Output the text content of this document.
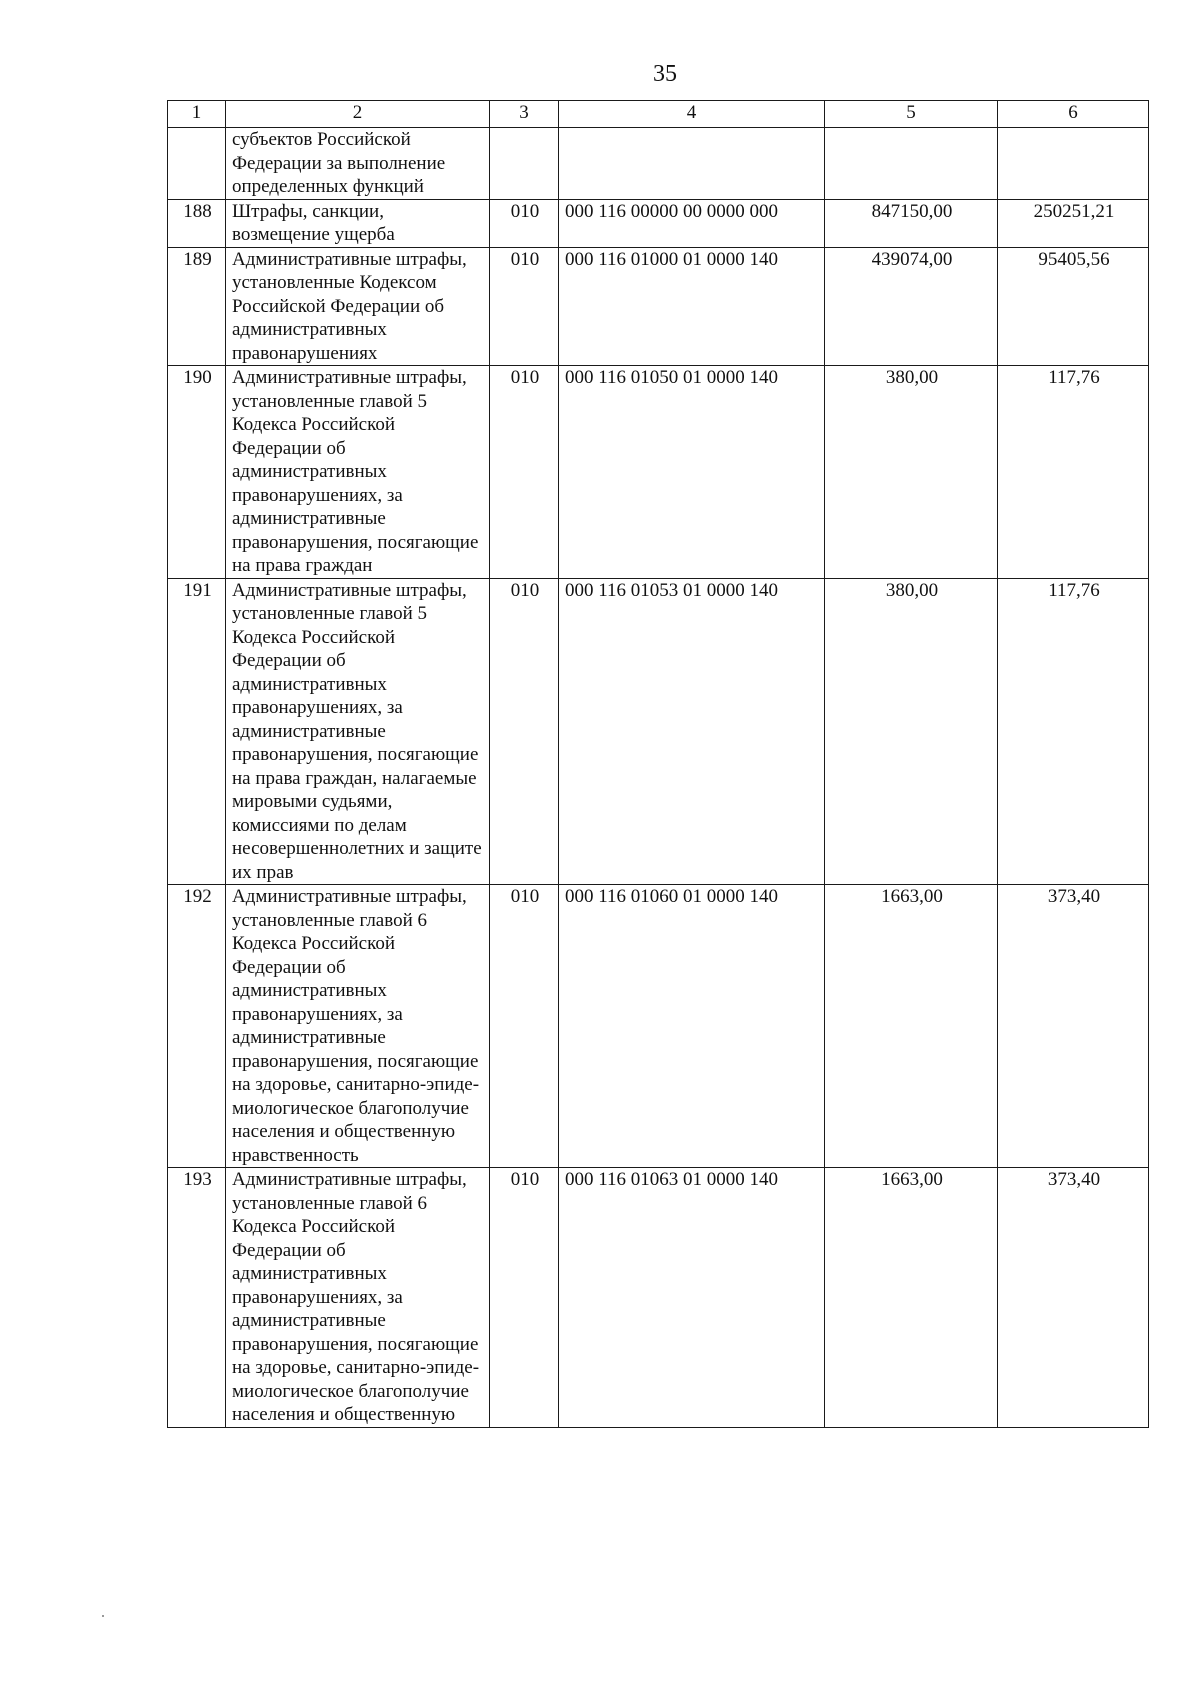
35
1	2	3	4	5	6
	субъектов Российской Федерации за выполнение определенных функций				
188	Штрафы, санкции, возмещение ущерба	010	000 116 00000 00 0000 000	847150,00	250251,21
189	Административные штрафы, установленные Кодексом Российской Федерации об административных правонарушениях	010	000 116 01000 01 0000 140	439074,00	95405,56
190	Административные штрафы, установленные главой 5 Кодекса Российской Федерации об административных правонарушениях, за административные правонарушения, посягающие на права граждан	010	000 116 01050 01 0000 140	380,00	117,76
191	Административные штрафы, установленные главой 5 Кодекса Российской Федерации об административных правонарушениях, за административные правонарушения, посягающие на права граждан, налагаемые мировыми судьями, комиссиями по делам несовершеннолетних и защите их прав	010	000 116 01053 01 0000 140	380,00	117,76
192	Административные штрафы, установленные главой 6 Кодекса Российской Федерации об административных правонарушениях, за административные правонарушения, посягающие на здоровье, санитарно-эпиде-миологическое благополучие населения и общественную нравственность	010	000 116 01060 01 0000 140	1663,00	373,40
193	Административные штрафы, установленные главой 6 Кодекса Российской Федерации об административных правонарушениях, за административные правонарушения, посягающие на здоровье, санитарно-эпиде-миологическое благополучие населения и общественную	010	000 116 01063 01 0000 140	1663,00	373,40
